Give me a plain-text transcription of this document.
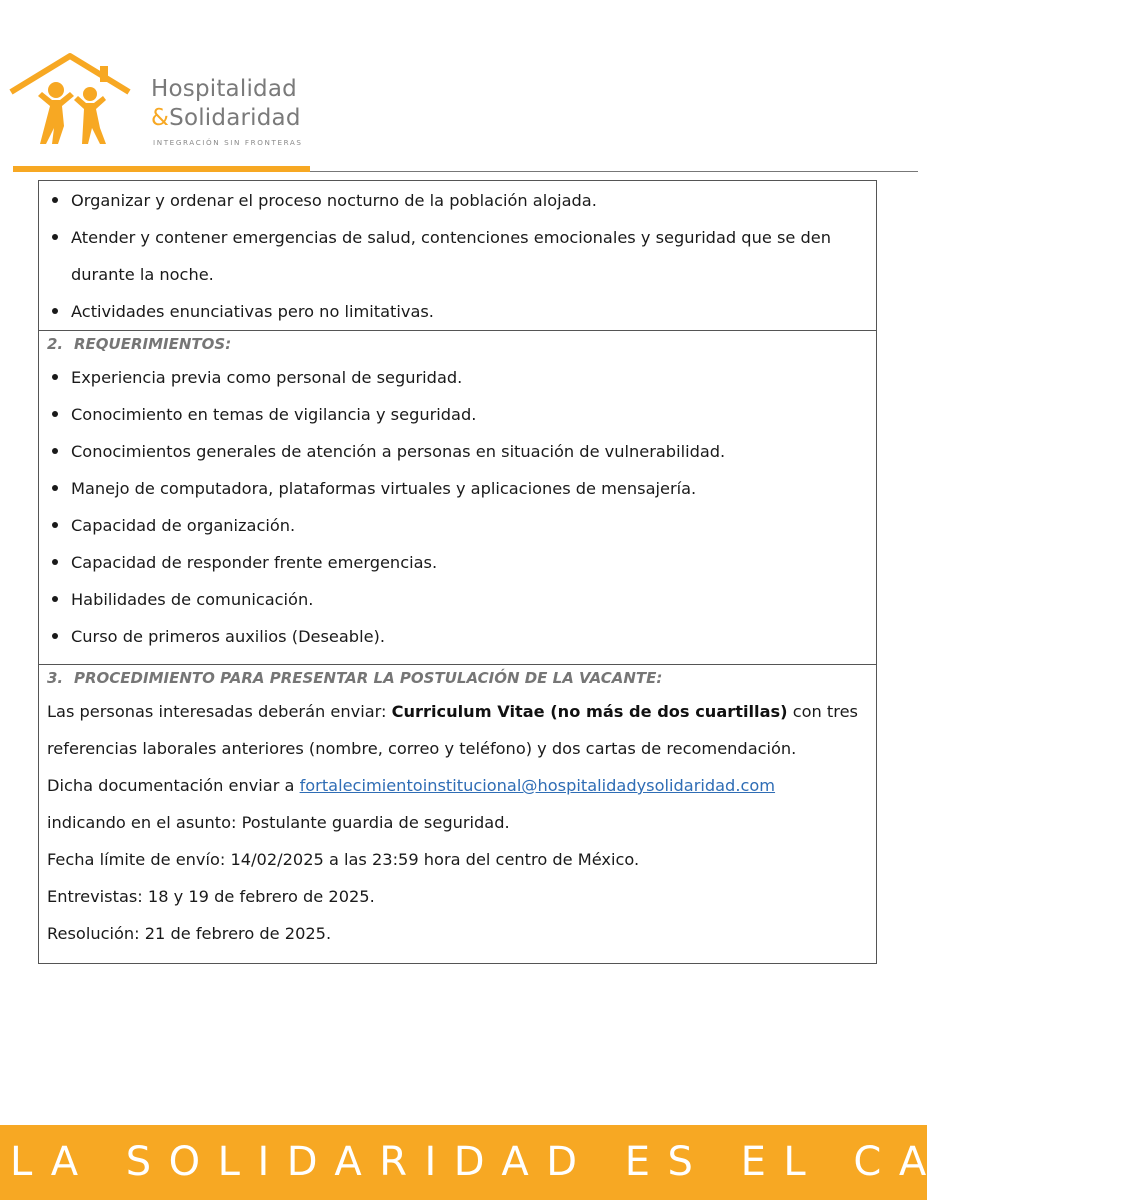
Hospitalidad
&Solidaridad
INTEGRACIÓN SIN FRONTERAS
Organizar y ordenar el proceso nocturno de la población alojada.
Atender y contener emergencias de salud, contenciones emocionales y seguridad que se den durante la noche.
Actividades enunciativas pero no limitativas.
2. REQUERIMIENTOS:
Experiencia previa como personal de seguridad.
Conocimiento en temas de vigilancia y seguridad.
Conocimientos generales de atención a personas en situación de vulnerabilidad.
Manejo de computadora, plataformas virtuales y aplicaciones de mensajería.
Capacidad de organización.
Capacidad de responder frente emergencias.
Habilidades de comunicación.
Curso de primeros auxilios (Deseable).
3. PROCEDIMIENTO PARA PRESENTAR LA POSTULACIÓN DE LA VACANTE:
Las personas interesadas deberán enviar: Curriculum Vitae (no más de dos cuartillas) con tres
referencias laborales anteriores (nombre, correo y teléfono) y dos cartas de recomendación.
Dicha documentación enviar a fortalecimientoinstitucional@hospitalidadysolidaridad.com
indicando en el asunto: Postulante guardia de seguridad.
Fecha límite de envío: 14/02/2025 a las 23:59 hora del centro de México.
Entrevistas: 18 y 19 de febrero de 2025.
Resolución: 21 de febrero de 2025.
LA SOLIDARIDAD ES EL CAMINO
